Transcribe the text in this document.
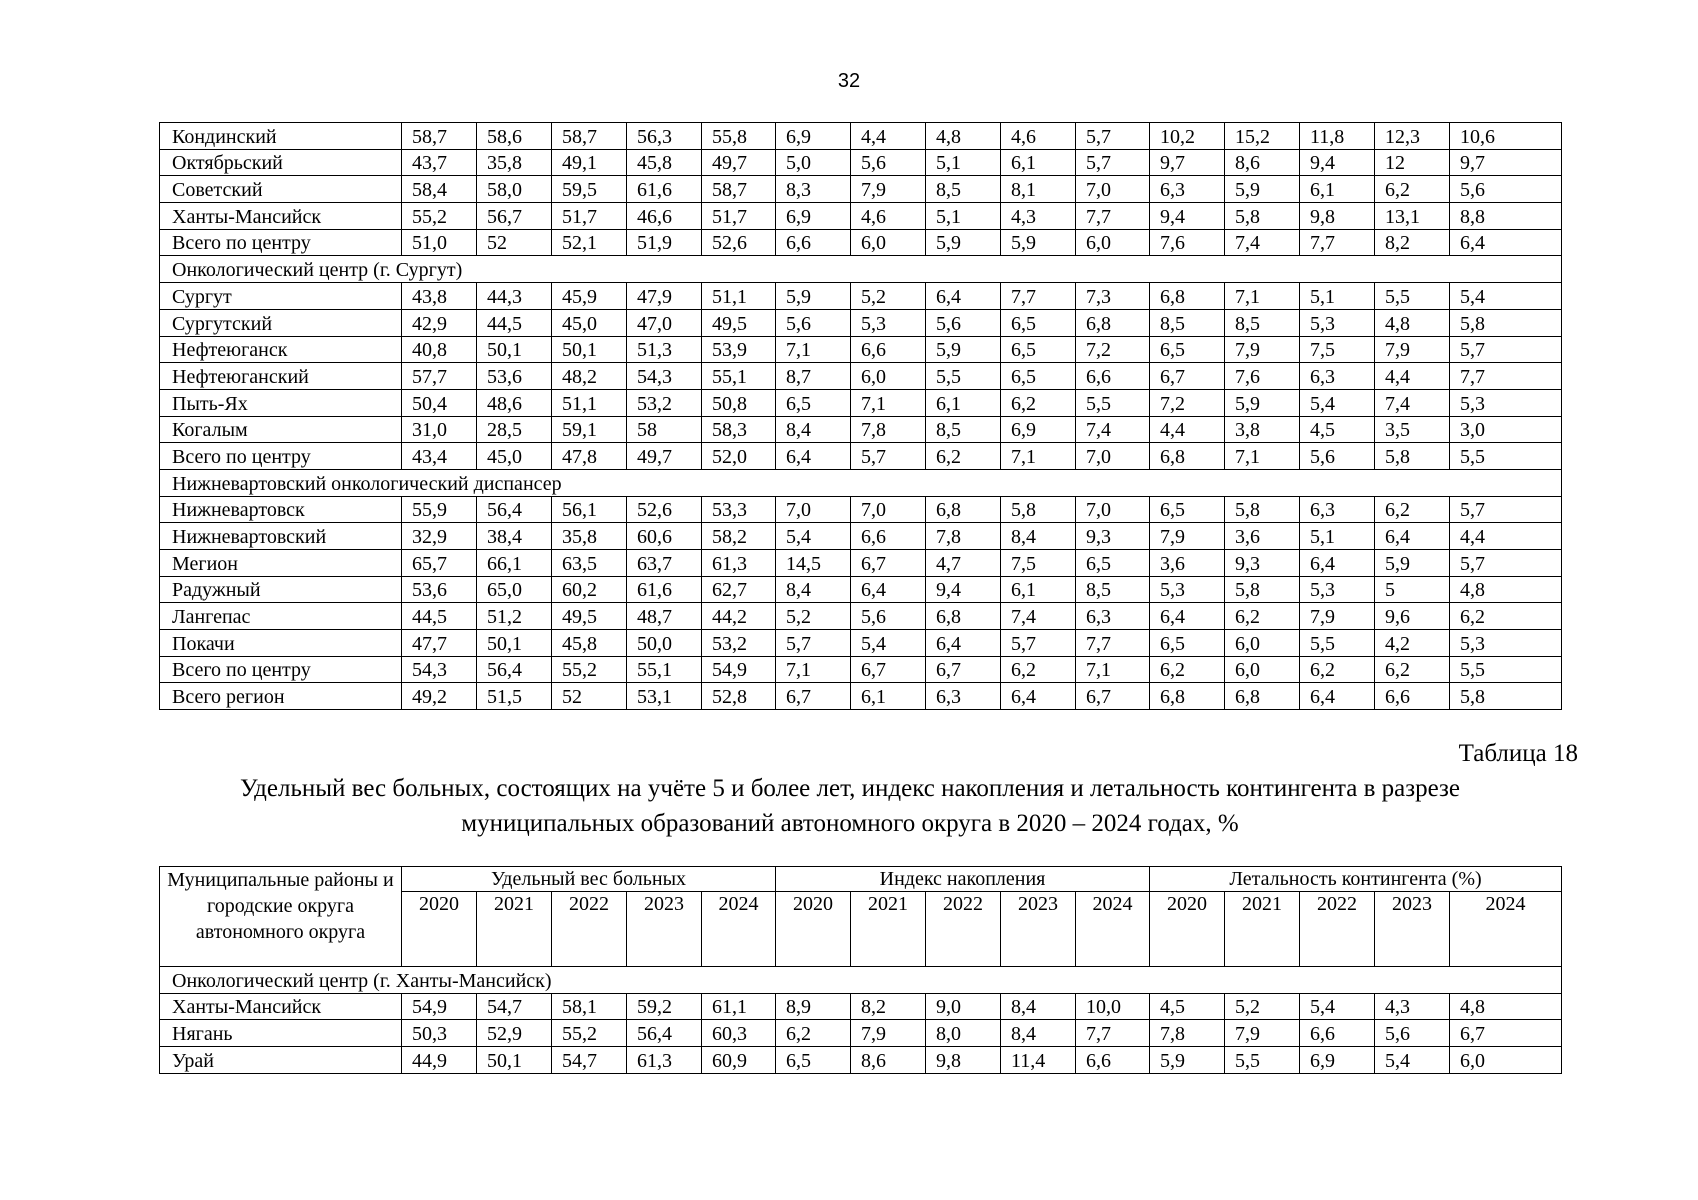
32
Кондинский	58,7	58,6	58,7	56,3	55,8	6,9	4,4	4,8	4,6	5,7	10,2	15,2	11,8	12,3	10,6
Октябрьский	43,7	35,8	49,1	45,8	49,7	5,0	5,6	5,1	6,1	5,7	9,7	8,6	9,4	12	9,7
Советский	58,4	58,0	59,5	61,6	58,7	8,3	7,9	8,5	8,1	7,0	6,3	5,9	6,1	6,2	5,6
Ханты-Мансийск	55,2	56,7	51,7	46,6	51,7	6,9	4,6	5,1	4,3	7,7	9,4	5,8	9,8	13,1	8,8
Всего по центру	51,0	52	52,1	51,9	52,6	6,6	6,0	5,9	5,9	6,0	7,6	7,4	7,7	8,2	6,4
Онкологический центр (г. Сургут)															
Сургут	43,8	44,3	45,9	47,9	51,1	5,9	5,2	6,4	7,7	7,3	6,8	7,1	5,1	5,5	5,4
Сургутский	42,9	44,5	45,0	47,0	49,5	5,6	5,3	5,6	6,5	6,8	8,5	8,5	5,3	4,8	5,8
Нефтеюганск	40,8	50,1	50,1	51,3	53,9	7,1	6,6	5,9	6,5	7,2	6,5	7,9	7,5	7,9	5,7
Нефтеюганский	57,7	53,6	48,2	54,3	55,1	8,7	6,0	5,5	6,5	6,6	6,7	7,6	6,3	4,4	7,7
Пыть-Ях	50,4	48,6	51,1	53,2	50,8	6,5	7,1	6,1	6,2	5,5	7,2	5,9	5,4	7,4	5,3
Когалым	31,0	28,5	59,1	58	58,3	8,4	7,8	8,5	6,9	7,4	4,4	3,8	4,5	3,5	3,0
Всего по центру	43,4	45,0	47,8	49,7	52,0	6,4	5,7	6,2	7,1	7,0	6,8	7,1	5,6	5,8	5,5
Нижневартовский онкологический диспансер															
Нижневартовск	55,9	56,4	56,1	52,6	53,3	7,0	7,0	6,8	5,8	7,0	6,5	5,8	6,3	6,2	5,7
Нижневартовский	32,9	38,4	35,8	60,6	58,2	5,4	6,6	7,8	8,4	9,3	7,9	3,6	5,1	6,4	4,4
Мегион	65,7	66,1	63,5	63,7	61,3	14,5	6,7	4,7	7,5	6,5	3,6	9,3	6,4	5,9	5,7
Радужный	53,6	65,0	60,2	61,6	62,7	8,4	6,4	9,4	6,1	8,5	5,3	5,8	5,3	5	4,8
Лангепас	44,5	51,2	49,5	48,7	44,2	5,2	5,6	6,8	7,4	6,3	6,4	6,2	7,9	9,6	6,2
Покачи	47,7	50,1	45,8	50,0	53,2	5,7	5,4	6,4	5,7	7,7	6,5	6,0	5,5	4,2	5,3
Всего по центру	54,3	56,4	55,2	55,1	54,9	7,1	6,7	6,7	6,2	7,1	6,2	6,0	6,2	6,2	5,5
Всего регион	49,2	51,5	52	53,1	52,8	6,7	6,1	6,3	6,4	6,7	6,8	6,8	6,4	6,6	5,8
Таблица 18
Удельный вес больных, состоящих на учёте 5 и более лет, индекс накопления и летальность контингента в разрезе
муниципальных образований автономного округа в 2020 – 2024 годах, %
Муниципальные районы и городские округа автономного округа	Удельный вес больных					Индекс накопления					Летальность контингента (%)				
	2020	2021	2022	2023	2024	2020	2021	2022	2023	2024	2020	2021	2022	2023	2024
Онкологический центр (г. Ханты-Мансийск)															
Ханты-Мансийск	54,9	54,7	58,1	59,2	61,1	8,9	8,2	9,0	8,4	10,0	4,5	5,2	5,4	4,3	4,8
Нягань	50,3	52,9	55,2	56,4	60,3	6,2	7,9	8,0	8,4	7,7	7,8	7,9	6,6	5,6	6,7
Урай	44,9	50,1	54,7	61,3	60,9	6,5	8,6	9,8	11,4	6,6	5,9	5,5	6,9	5,4	6,0
